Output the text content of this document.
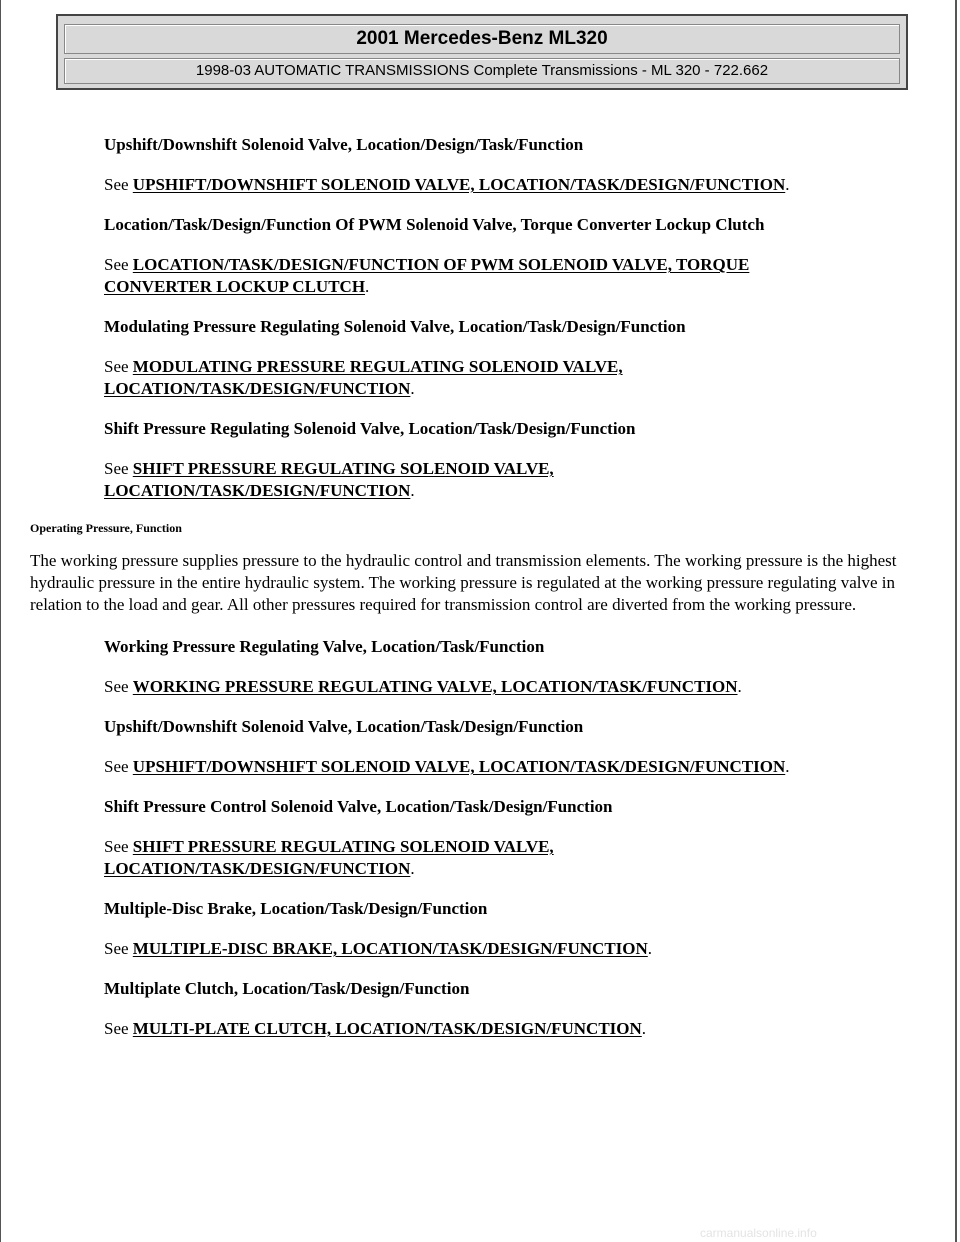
2001 Mercedes-Benz ML320
1998-03 AUTOMATIC TRANSMISSIONS Complete Transmissions - ML 320 - 722.662

Upshift/Downshift Solenoid Valve, Location/Design/Task/Function

See UPSHIFT/DOWNSHIFT SOLENOID VALVE, LOCATION/TASK/DESIGN/FUNCTION.

Location/Task/Design/Function Of PWM Solenoid Valve, Torque Converter Lockup Clutch

See LOCATION/TASK/DESIGN/FUNCTION OF PWM SOLENOID VALVE, TORQUE CONVERTER LOCKUP CLUTCH.

Modulating Pressure Regulating Solenoid Valve, Location/Task/Design/Function

See MODULATING PRESSURE REGULATING SOLENOID VALVE, LOCATION/TASK/DESIGN/FUNCTION.

Shift Pressure Regulating Solenoid Valve, Location/Task/Design/Function

See SHIFT PRESSURE REGULATING SOLENOID VALVE, LOCATION/TASK/DESIGN/FUNCTION.

Operating Pressure, Function

The working pressure supplies pressure to the hydraulic control and transmission elements. The working pressure is the highest hydraulic pressure in the entire hydraulic system. The working pressure is regulated at the working pressure regulating valve in relation to the load and gear. All other pressures required for transmission control are diverted from the working pressure.

Working Pressure Regulating Valve, Location/Task/Function

See WORKING PRESSURE REGULATING VALVE, LOCATION/TASK/FUNCTION.

Upshift/Downshift Solenoid Valve, Location/Task/Design/Function

See UPSHIFT/DOWNSHIFT SOLENOID VALVE, LOCATION/TASK/DESIGN/FUNCTION.

Shift Pressure Control Solenoid Valve, Location/Task/Design/Function

See SHIFT PRESSURE REGULATING SOLENOID VALVE, LOCATION/TASK/DESIGN/FUNCTION.

Multiple-Disc Brake, Location/Task/Design/Function

See MULTIPLE-DISC BRAKE, LOCATION/TASK/DESIGN/FUNCTION.

Multiplate Clutch, Location/Task/Design/Function

See MULTI-PLATE CLUTCH, LOCATION/TASK/DESIGN/FUNCTION.

carmanualsonline.info
